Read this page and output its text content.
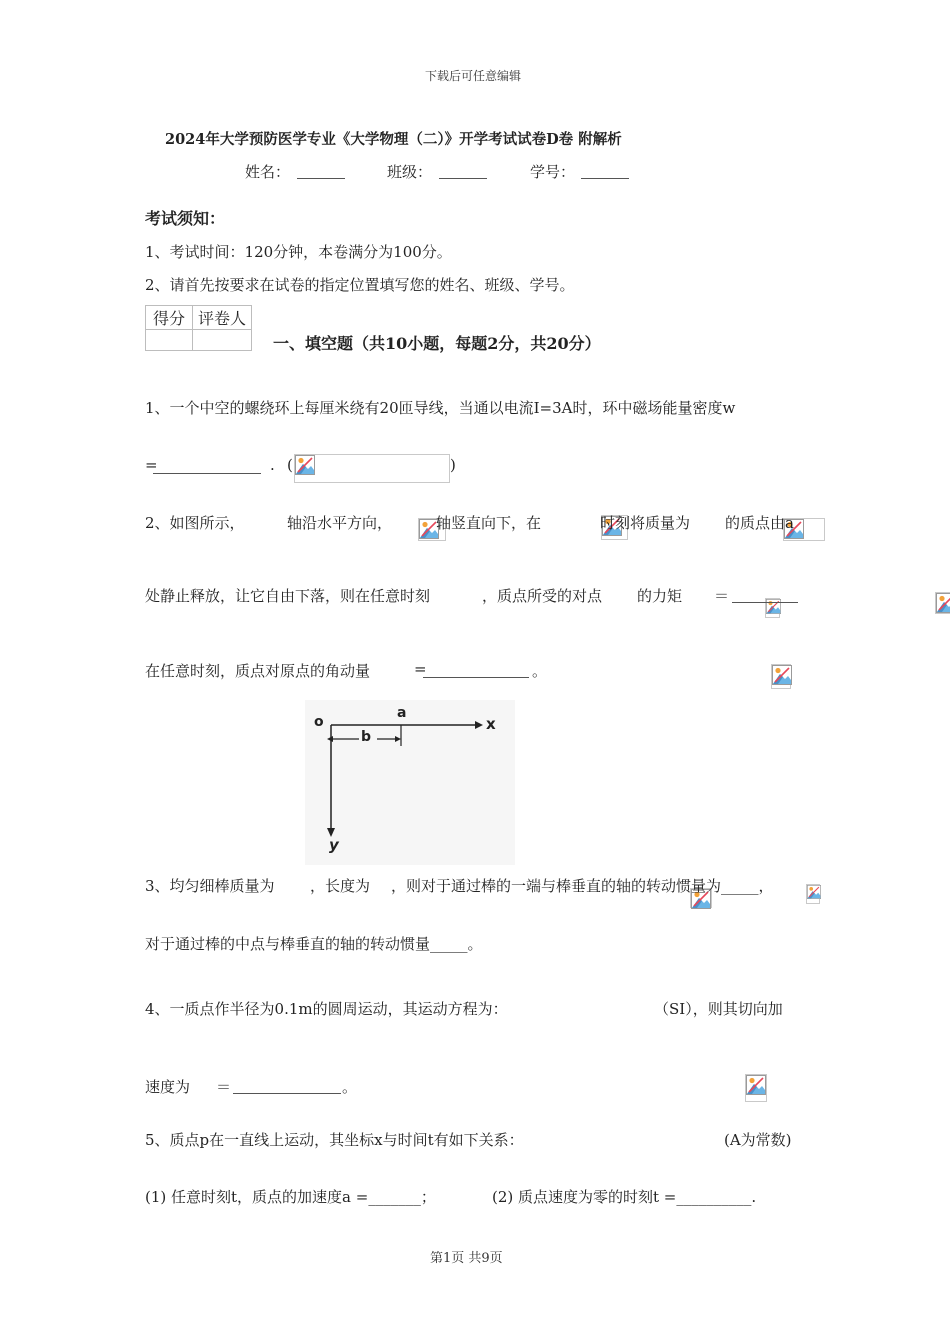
下载后可任意编辑
2024年大学预防医学专业《大学物理（二）》开学考试试卷D卷 附解析
姓名：	班级：	学号：
考试须知：
1、考试时间：120分钟，本卷满分为100分。
2、请首先按要求在试卷的指定位置填写您的姓名、班级、学号。
得分	评卷人

一、填空题（共10小题，每题2分，共20分）
1、一个中空的螺绕环上每厘米绕有20匝导线，当通以电流I=3A时，环中磁场能量密度w
=	. (
	)
2、如图所示，
	轴沿水平方向，
	轴竖直向下，在
	时刻将质量为
的质点由a
处静止释放，让它自由下落，则在任意时刻
	，质点所受的对点
的力矩
＝
在任意时刻，质点对原点的角动量
	=	。
o
a
b
x
y
3、均匀细棒质量为
，长度为
，则对于通过棒的一端与棒垂直的轴的转动惯量为_____，
对于通过棒的中点与棒垂直的轴的转动惯量_____。

4、一质点作半径为0.1m的圆周运动，其运动方程为：	（SI），则其切向加
速度为
＝	。
5、质点p在一直线上运动，其坐标x与时间t有如下关系：	(A为常数)
(1) 任意时刻t，质点的加速度a =_______；	(2) 质点速度为零的时刻t =__________.
第1页 共9页
